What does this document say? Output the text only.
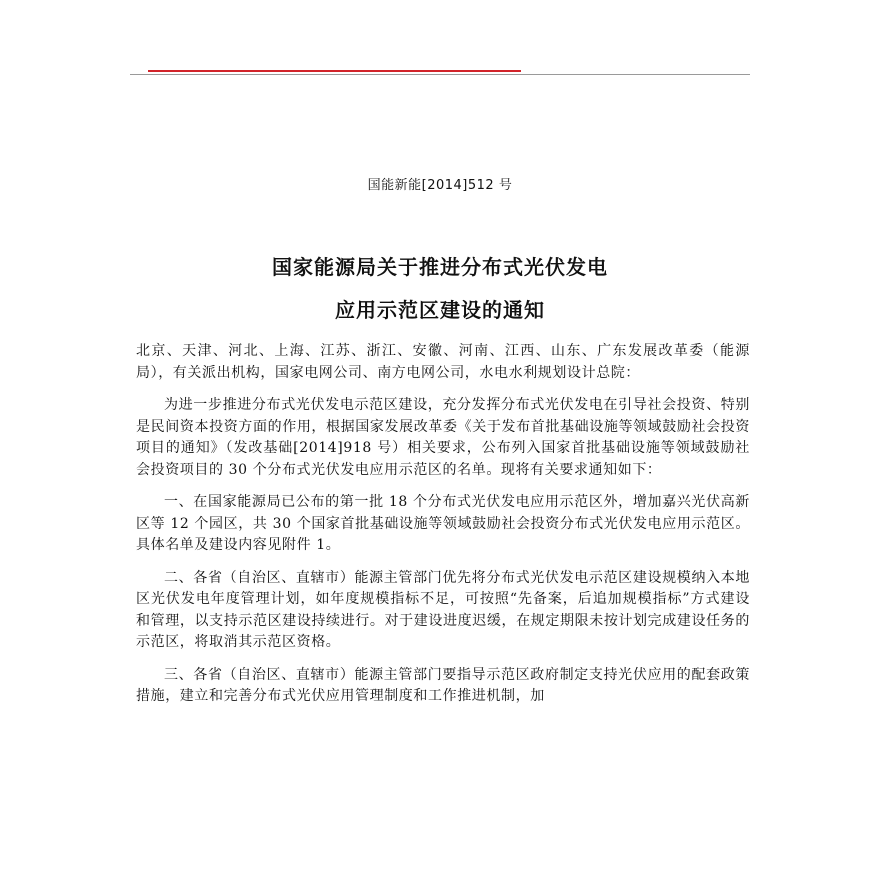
国能新能[2014]512 号
国家能源局关于推进分布式光伏发电
应用示范区建设的通知

北京、天津、河北、上海、江苏、浙江、安徽、河南、江西、山东、广东发展改革委（能源局），有关派出机构，国家电网公司、南方电网公司，水电水利规划设计总院：

为进一步推进分布式光伏发电示范区建设，充分发挥分布式光伏发电在引导社会投资、特别是民间资本投资方面的作用，根据国家发展改革委《关于发布首批基础设施等领域鼓励社会投资项目的通知》（发改基础[2014]918 号）相关要求，公布列入国家首批基础设施等领域鼓励社会投资项目的 30 个分布式光伏发电应用示范区的名单。现将有关要求通知如下：

一、在国家能源局已公布的第一批 18 个分布式光伏发电应用示范区外，增加嘉兴光伏高新区等 12 个园区，共 30 个国家首批基础设施等领域鼓励社会投资分布式光伏发电应用示范区。具体名单及建设内容见附件 1。

二、各省（自治区、直辖市）能源主管部门优先将分布式光伏发电示范区建设规模纳入本地区光伏发电年度管理计划，如年度规模指标不足，可按照“先备案，后追加规模指标”方式建设和管理，以支持示范区建设持续进行。对于建设进度迟缓，在规定期限未按计划完成建设任务的示范区，将取消其示范区资格。

三、各省（自治区、直辖市）能源主管部门要指导示范区政府制定支持光伏应用的配套政策措施，建立和完善分布式光伏应用管理制度和工作推进机制，加
